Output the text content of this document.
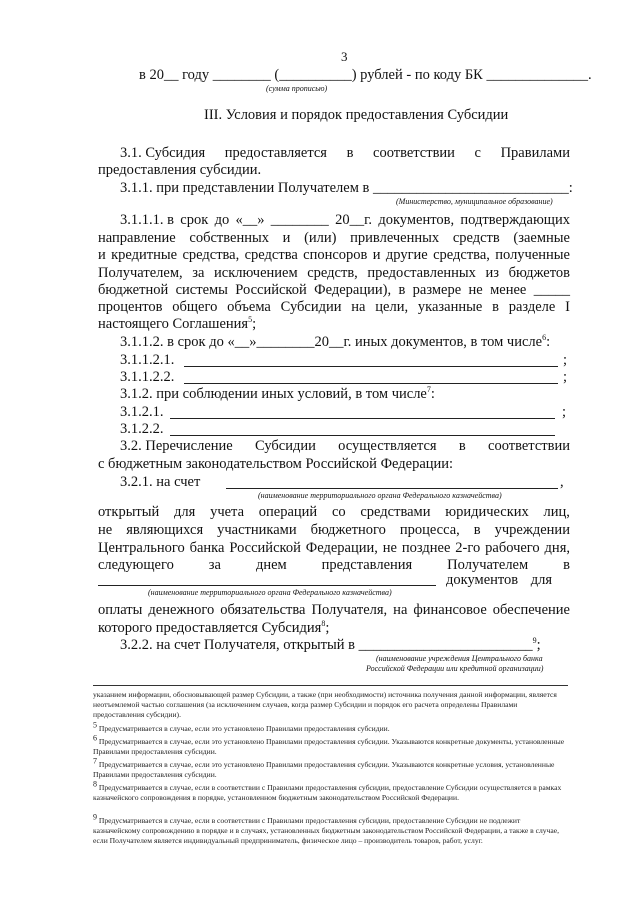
3
в 20__ году ________ (__________) рублей - по коду БК ______________.
(сумма прописью)
III. Условия и порядок предоставления Субсидии
3.1. Субсидия предоставляется в соответствии с Правилами
предоставления субсидии.
3.1.1. при представлении Получателем в ___________________________:
(Министерство, муниципальное образование)
3.1.1.1. в срок до «__» ________ 20__г. документов, подтверждающих
направление собственных и (или) привлеченных средств (заемные
и кредитные средства, средства спонсоров и другие средства, полученные
Получателем, за исключением средств, предоставленных из бюджетов
бюджетной системы Российской Федерации), в размере не менее _____
процентов общего объема Субсидии на цели, указанные в разделе I
настоящего Соглашения$^5$;
3.1.1.2. в срок до «__»________20__г. иных документов, в том числе$^6$:
3.1.1.2.1.	;
3.1.1.2.2.	;
3.1.2. при соблюдении иных условий, в том числе$^7$:
3.1.2.1.	;
3.1.2.2.
3.2. Перечисление Субсидии осуществляется в соответствии
с бюджетным законодательством Российской Федерации:
3.2.1. на счет	,
(наименование территориального органа Федерального казначейства)
открытый для учета операций со средствами юридических лиц,
не являющихся участниками бюджетного процесса, в учреждении
Центрального банка Российской Федерации, не позднее 2-го рабочего дня,
следующего за днем представления Получателем в
документов для
(наименование территориального органа Федерального казначейства)
оплаты денежного обязательства Получателя, на финансовое обеспечение
которого предоставляется Субсидия$^8$;
3.2.2. на счет Получателя, открытый в ________________________$^9$;
(наименование учреждения Центрального банка
Российской Федерации или кредитной организации)
указанием информации, обосновывающей размер Субсидии, а также (при необходимости) источника получения данной информации, является неотъемлемой частью соглашения (за исключением случаев, когда размер Субсидии и порядок его расчета определены Правилами предоставления субсидии).
$^5$ Предусматривается в случае, если это установлено Правилами предоставления субсидии.
$^6$ Предусматривается в случае, если это установлено Правилами предоставления субсидии. Указываются конкретные документы, установленные Правилами предоставления субсидии.
$^7$ Предусматривается в случае, если это установлено Правилами предоставления субсидии. Указываются конкретные условия, установленные Правилами предоставления субсидии.
$^8$ Предусматривается в случае, если в соответствии с Правилами предоставления субсидии, предоставление Субсидии осуществляется в рамках казначейского сопровождения в порядке, установленном бюджетным законодательством Российской Федерации.
$^9$ Предусматривается в случае, если в соответствии с Правилами предоставления субсидии, предоставление Субсидии не подлежит казначейскому сопровождению в порядке и в случаях, установленных бюджетным законодательством Российской Федерации, а также в случае, если Получателем является индивидуальный предприниматель, физическое лицо – производитель товаров, работ, услуг.
